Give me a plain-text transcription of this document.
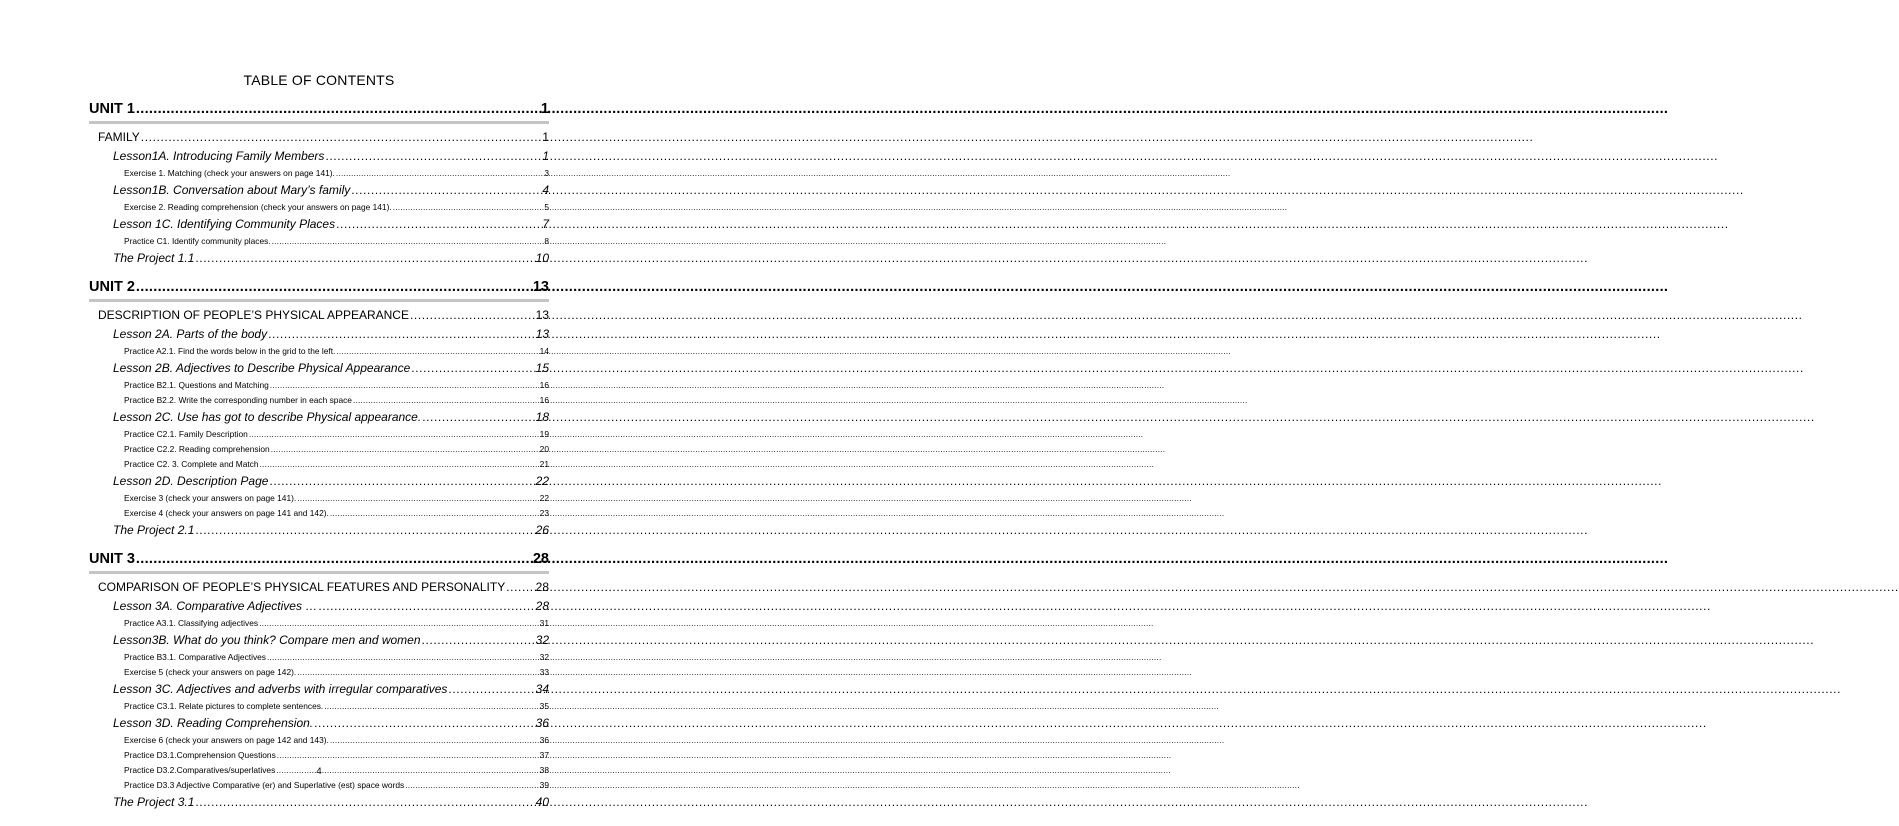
TABLE OF CONTENTS
UNIT 1 .....	1
FAMILY .....	1
Lesson1A. Introducing Family Members .....	1
Exercise 1. Matching (check your answers on page 141). .....	3
Lesson1B. Conversation about Mary’s family .....	4
Exercise 2. Reading comprehension (check your answers on page 141). .....	5
Lesson 1C. Identifying Community Places .....	7
Practice C1. Identify community places. .....	8
The Project 1.1 .....	10
UNIT 2 .....	13
DESCRIPTION OF PEOPLE’S PHYSICAL APPEARANCE .....	13
Lesson 2A. Parts of the body .....	13
Practice A2.1. Find the words below in the grid to the left. .....	14
Lesson 2B. Adjectives to Describe Physical Appearance .....	15
Practice B2.1. Questions and Matching .....	16
Practice B2.2. Write the corresponding number in each space .....	16
Lesson 2C. Use has got to describe Physical appearance. .....	18
Practice C2.1. Family Description .....	19
Practice C2.2. Reading comprehension .....	20
Practice C2. 3. Complete and Match .....	21
Lesson 2D. Description Page .....	22
Exercise 3 (check your answers on page 141). .....	22
Exercise 4 (check your answers on page 141 and 142). .....	23
The Project 2.1 .....	26
UNIT 3 .....	28
COMPARISON OF PEOPLE’S PHYSICAL FEATURES AND PERSONALITY .....	28
Lesson 3A. Comparative Adjectives … .....	28
Practice A3.1. Classifying adjectives .....	31
Lesson3B. What do you think? Compare men and women .....	32
Practice B3.1. Comparative Adjectives .....	32
Exercise 5 (check your answers on page 142). .....	33
Lesson 3C. Adjectives and adverbs with irregular comparatives .....	34
Practice C3.1. Relate pictures to complete sentences. .....	35
Lesson 3D. Reading Comprehension. .....	36
Exercise 6 (check your answers on page 142 and 143). .....	36
Practice D3.1.Comprehension Questions .....	37
Practice D3.2.Comparatives/superlatives .....	38
Practice D3.3 Adjective Comparative (er) and Superlative (est) space words .....	39
The Project 3.1 .....	40
4
